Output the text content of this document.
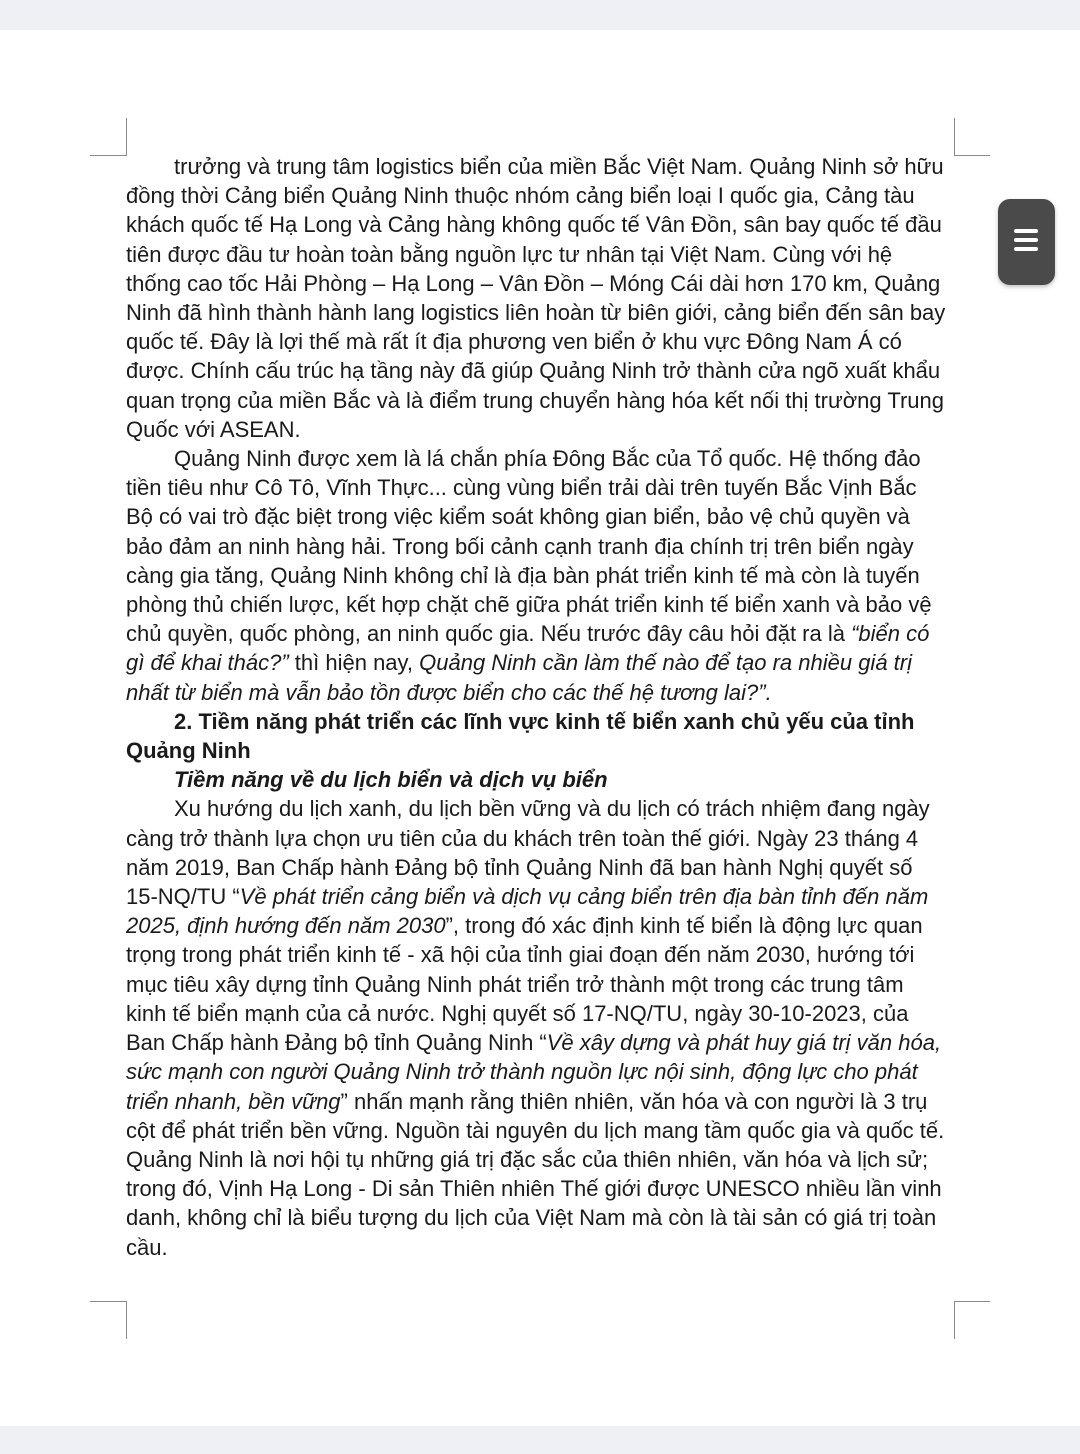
trưởng và trung tâm logistics biển của miền Bắc Việt Nam. Quảng Ninh sở hữu đồng thời Cảng biển Quảng Ninh thuộc nhóm cảng biển loại I quốc gia, Cảng tàu khách quốc tế Hạ Long và Cảng hàng không quốc tế Vân Đồn, sân bay quốc tế đầu tiên được đầu tư hoàn toàn bằng nguồn lực tư nhân tại Việt Nam. Cùng với hệ thống cao tốc Hải Phòng – Hạ Long – Vân Đồn – Móng Cái dài hơn 170 km, Quảng Ninh đã hình thành hành lang logistics liên hoàn từ biên giới, cảng biển đến sân bay quốc tế. Đây là lợi thế mà rất ít địa phương ven biển ở khu vực Đông Nam Á có được. Chính cấu trúc hạ tầng này đã giúp Quảng Ninh trở thành cửa ngõ xuất khẩu quan trọng của miền Bắc và là điểm trung chuyển hàng hóa kết nối thị trường Trung Quốc với ASEAN.

Quảng Ninh được xem là lá chắn phía Đông Bắc của Tổ quốc. Hệ thống đảo tiền tiêu như Cô Tô, Vĩnh Thực... cùng vùng biển trải dài trên tuyến Bắc Vịnh Bắc Bộ có vai trò đặc biệt trong việc kiểm soát không gian biển, bảo vệ chủ quyền và bảo đảm an ninh hàng hải. Trong bối cảnh cạnh tranh địa chính trị trên biển ngày càng gia tăng, Quảng Ninh không chỉ là địa bàn phát triển kinh tế mà còn là tuyến phòng thủ chiến lược, kết hợp chặt chẽ giữa phát triển kinh tế biển xanh và bảo vệ chủ quyền, quốc phòng, an ninh quốc gia. Nếu trước đây câu hỏi đặt ra là “biển có gì để khai thác?” thì hiện nay, Quảng Ninh cần làm thế nào để tạo ra nhiều giá trị nhất từ biển mà vẫn bảo tồn được biển cho các thế hệ tương lai?”.

2. Tiềm năng phát triển các lĩnh vực kinh tế biển xanh chủ yếu của tỉnh Quảng Ninh

Tiềm năng về du lịch biển và dịch vụ biển

Xu hướng du lịch xanh, du lịch bền vững và du lịch có trách nhiệm đang ngày càng trở thành lựa chọn ưu tiên của du khách trên toàn thế giới. Ngày 23 tháng 4 năm 2019, Ban Chấp hành Đảng bộ tỉnh Quảng Ninh đã ban hành Nghị quyết số 15-NQ/TU “Về phát triển cảng biển và dịch vụ cảng biển trên địa bàn tỉnh đến năm 2025, định hướng đến năm 2030”, trong đó xác định kinh tế biển là động lực quan trọng trong phát triển kinh tế - xã hội của tỉnh giai đoạn đến năm 2030, hướng tới mục tiêu xây dựng tỉnh Quảng Ninh phát triển trở thành một trong các trung tâm kinh tế biển mạnh của cả nước. Nghị quyết số 17-NQ/TU, ngày 30-10-2023, của Ban Chấp hành Đảng bộ tỉnh Quảng Ninh “Về xây dựng và phát huy giá trị văn hóa, sức mạnh con người Quảng Ninh trở thành nguồn lực nội sinh, động lực cho phát triển nhanh, bền vững” nhấn mạnh rằng thiên nhiên, văn hóa và con người là 3 trụ cột để phát triển bền vững. Nguồn tài nguyên du lịch mang tầm quốc gia và quốc tế. Quảng Ninh là nơi hội tụ những giá trị đặc sắc của thiên nhiên, văn hóa và lịch sử; trong đó, Vịnh Hạ Long - Di sản Thiên nhiên Thế giới được UNESCO nhiều lần vinh danh, không chỉ là biểu tượng du lịch của Việt Nam mà còn là tài sản có giá trị toàn cầu.
